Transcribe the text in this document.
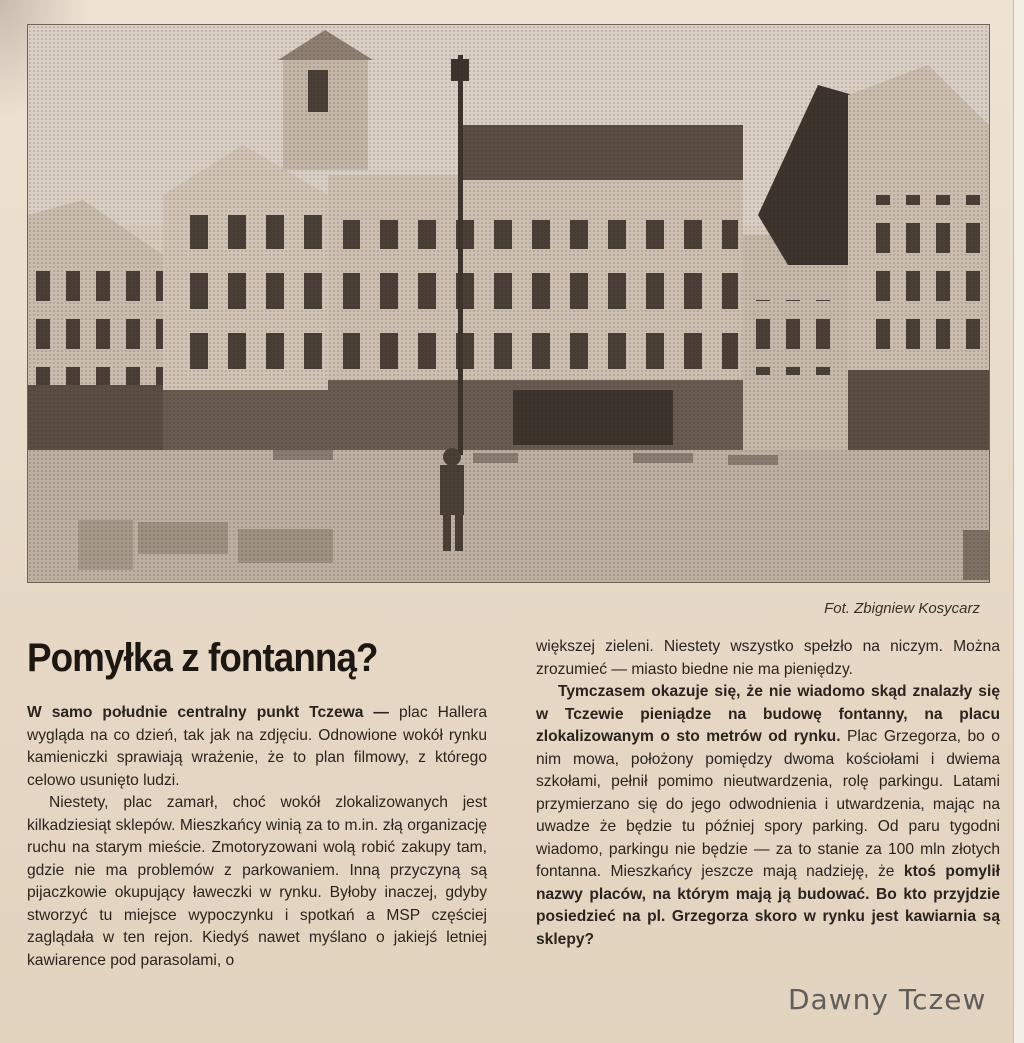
Fot. Zbigniew Kosycarz
Pomyłka z fontanną?

W samo południe centralny punkt Tczewa — plac Hallera wygląda na co dzień, tak jak na zdjęciu. Odnowione wokół rynku kamieniczki sprawiają wrażenie, że to plan filmowy, z którego celowo usunięto ludzi.

Niestety, plac zamarł, choć wokół zlokalizowanych jest kilkadziesiąt sklepów. Mieszkańcy winią za to m.in. złą organizację ruchu na starym mieście. Zmotoryzowani wolą robić zakupy tam, gdzie nie ma problemów z parkowaniem. Inną przyczyną są pijaczkowie okupujący ławeczki w rynku. Byłoby inaczej, gdyby stworzyć tu miejsce wypoczynku i spotkań a MSP częściej zaglądała w ten rejon. Kiedyś nawet myślano o jakiejś letniej kawiarence pod parasolami, o

większej zieleni. Niestety wszystko spełzło na niczym. Można zrozumieć — miasto biedne nie ma pieniędzy.

Tymczasem okazuje się, że nie wiadomo skąd znalazły się w Tczewie pieniądze na budowę fontanny, na placu zlokalizowanym o sto metrów od rynku. Plac Grzegorza, bo o nim mowa, położony pomiędzy dwoma kościołami i dwiema szkołami, pełnił pomimo nieutwardzenia, rolę parkingu. Latami przymierzano się do jego odwodnienia i utwardzenia, mając na uwadze że będzie tu później spory parking. Od paru tygodni wiadomo, parkingu nie będzie — za to stanie za 100 mln złotych fontanna. Mieszkańcy jeszcze mają nadzieję, że ktoś pomylił nazwy placów, na którym mają ją budować. Bo kto przyjdzie posiedzieć na pl. Grzegorza skoro w rynku jest kawiarnia są sklepy?

Dawny Tczew
